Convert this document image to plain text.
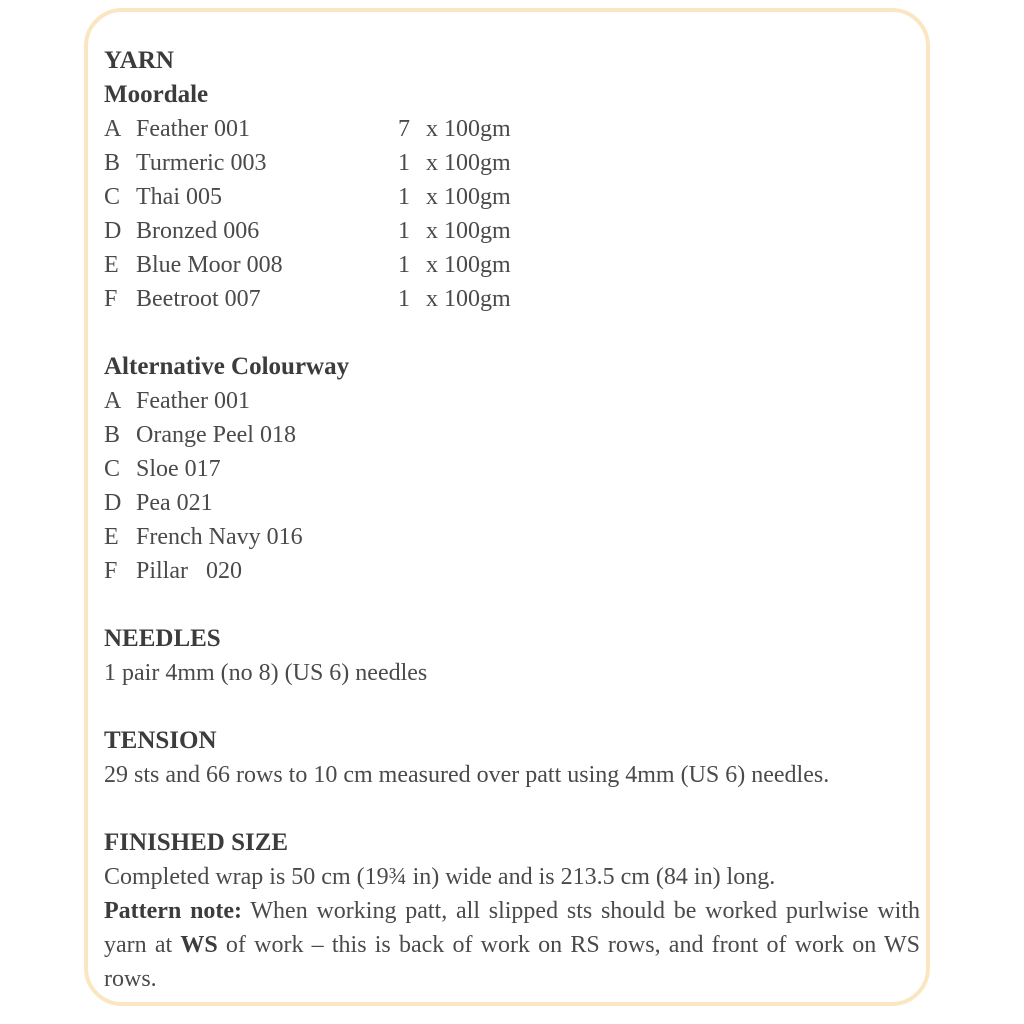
YARN
Moordale
A Feather 001	7 x 100gm
B Turmeric 003	1 x 100gm
C Thai 005	1 x 100gm
D Bronzed 006	1 x 100gm
E Blue Moor 008	1 x 100gm
F Beetroot 007	1 x 100gm
Alternative Colourway
A Feather 001
B Orange Peel 018
C Sloe 017
D Pea 021
E French Navy 016
F Pillar   020
NEEDLES
1 pair 4mm (no 8) (US 6) needles
TENSION
29 sts and 66 rows to 10 cm measured over patt using 4mm (US 6) needles.
FINISHED SIZE
Completed wrap is 50 cm (19¾ in) wide and is 213.5 cm (84 in) long.
Pattern note: When working patt, all slipped sts should be worked purlwise with yarn at WS of work – this is back of work on RS rows, and front of work on WS rows.
